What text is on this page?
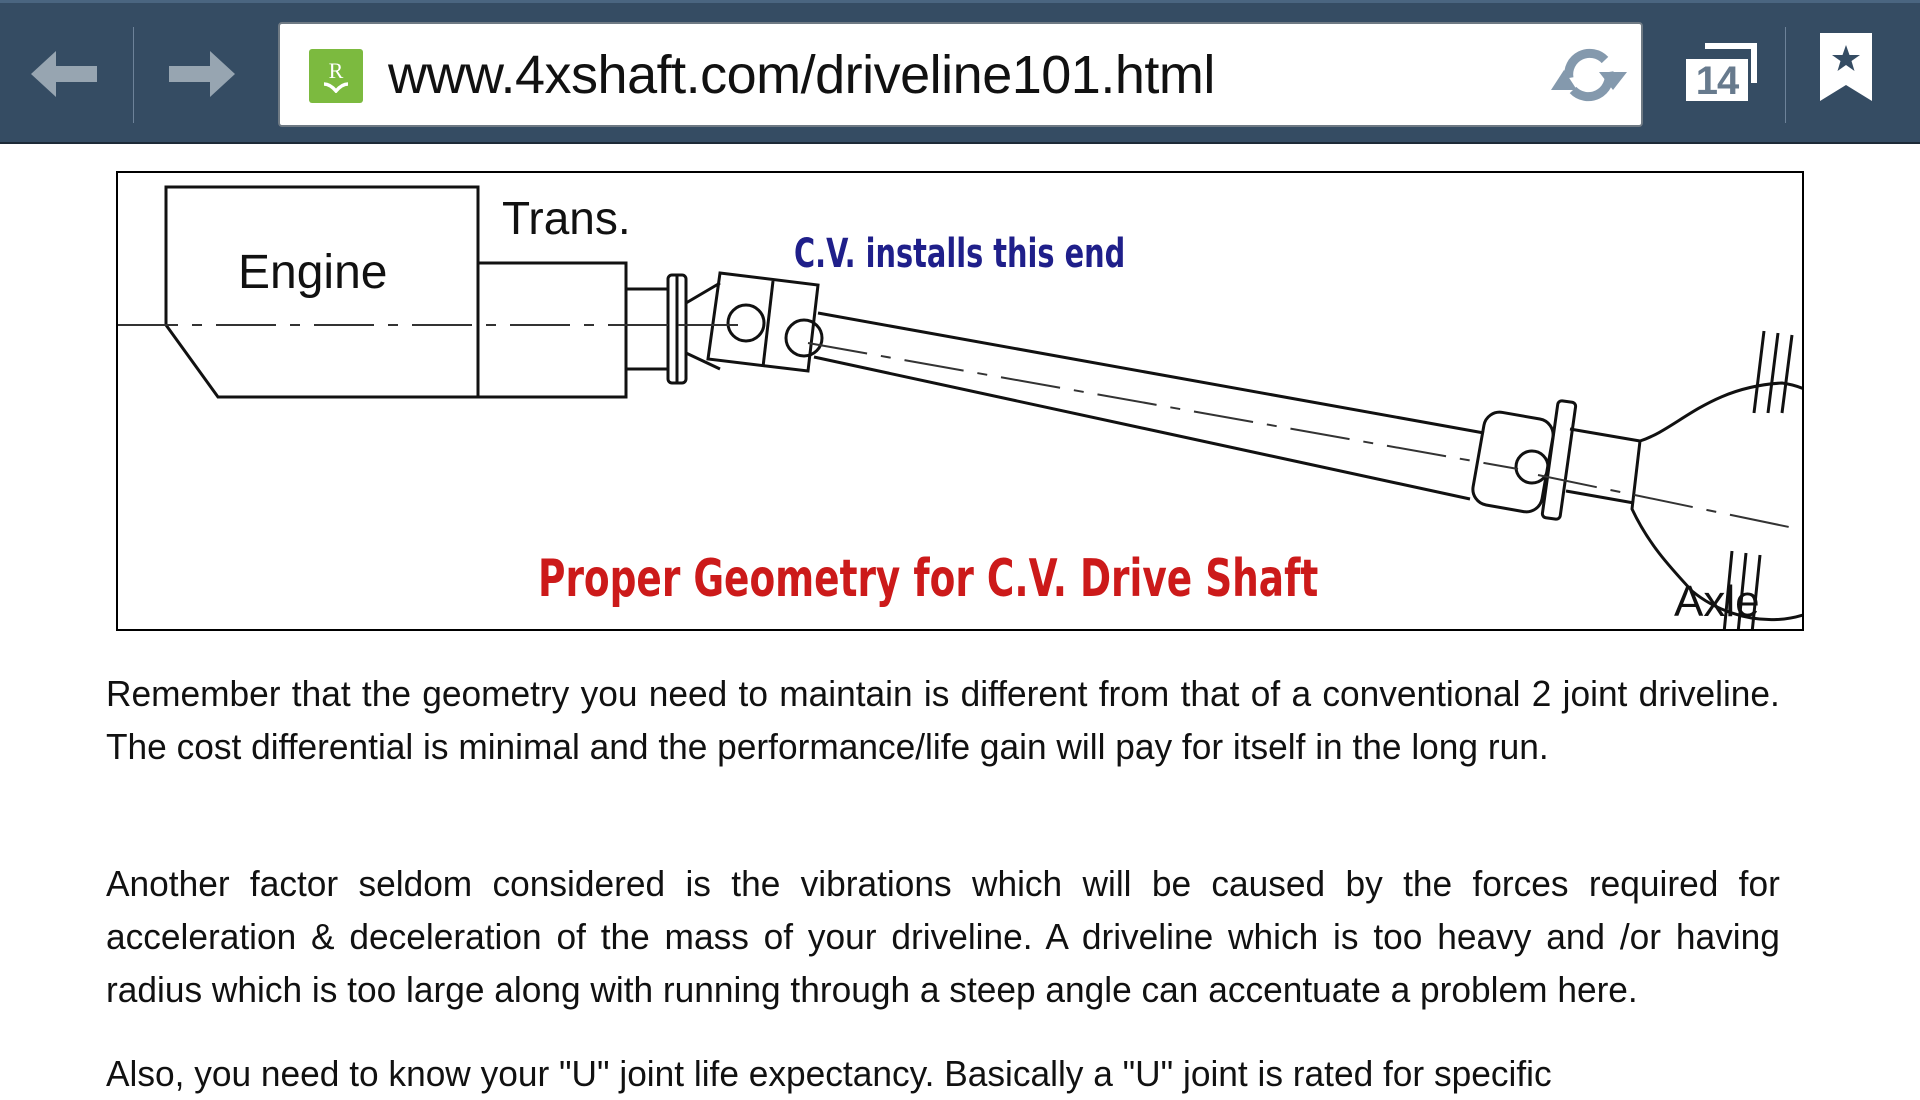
R www.4xshaft.com/driveline101.html	14
Trans.
Engine	C.V. installs this end
Proper Geometry for C.V. Drive Shaft	Axle

Remember that the geometry you need to maintain is different from that of a conventional 2 joint driveline. The cost differential is minimal and the performance/life gain will pay for itself in the long run.

Another factor seldom considered is the vibrations which will be caused by the forces required for acceleration & deceleration of the mass of your driveline. A driveline which is too heavy and /or having radius which is too large along with running through a steep angle can accentuate a problem here.

Also, you need to know your "U" joint life expectancy. Basically a "U" joint is rated for specific
